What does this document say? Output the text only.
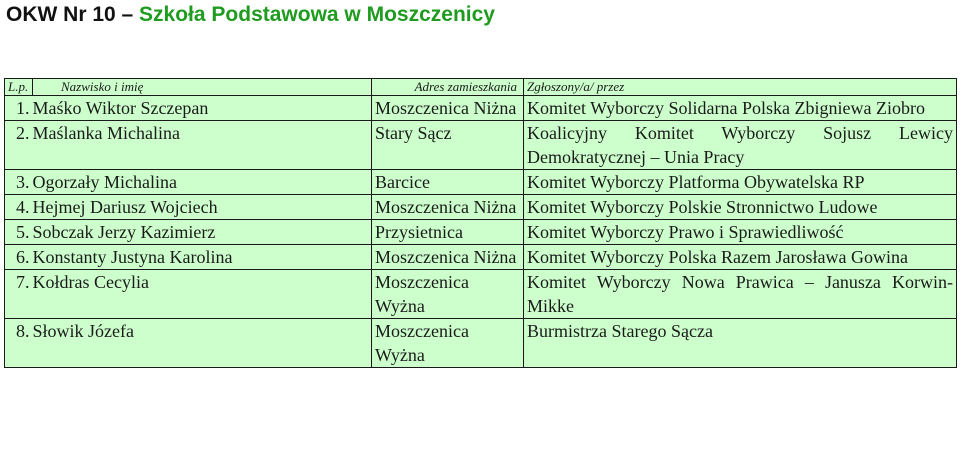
OKW Nr 10 – Szkoła Podstawowa w Moszczenicy
L.p.	Nazwisko i imię	Adres zamieszkania	Zgłoszony/a/ przez
1.	Maśko Wiktor Szczepan	Moszczenica Niżna	Komitet Wyborczy Solidarna Polska Zbigniewa Ziobro
2.	Maślanka Michalina	Stary Sącz	Koalicyjny Komitet Wyborczy Sojusz Lewicy Demokratycznej – Unia Pracy
3.	Ogorzały Michalina	Barcice	Komitet Wyborczy Platforma Obywatelska RP
4.	Hejmej Dariusz Wojciech	Moszczenica Niżna	Komitet Wyborczy Polskie Stronnictwo Ludowe
5.	Sobczak Jerzy Kazimierz	Przysietnica	Komitet Wyborczy Prawo i Sprawiedliwość
6.	Konstanty Justyna Karolina	Moszczenica Niżna	Komitet Wyborczy Polska Razem Jarosława Gowina
7.	Kołdras Cecylia	Moszczenica Wyżna	Komitet Wyborczy Nowa Prawica – Janusza Korwin-Mikke
8.	Słowik Józefa	Moszczenica Wyżna	Burmistrza Starego Sącza
